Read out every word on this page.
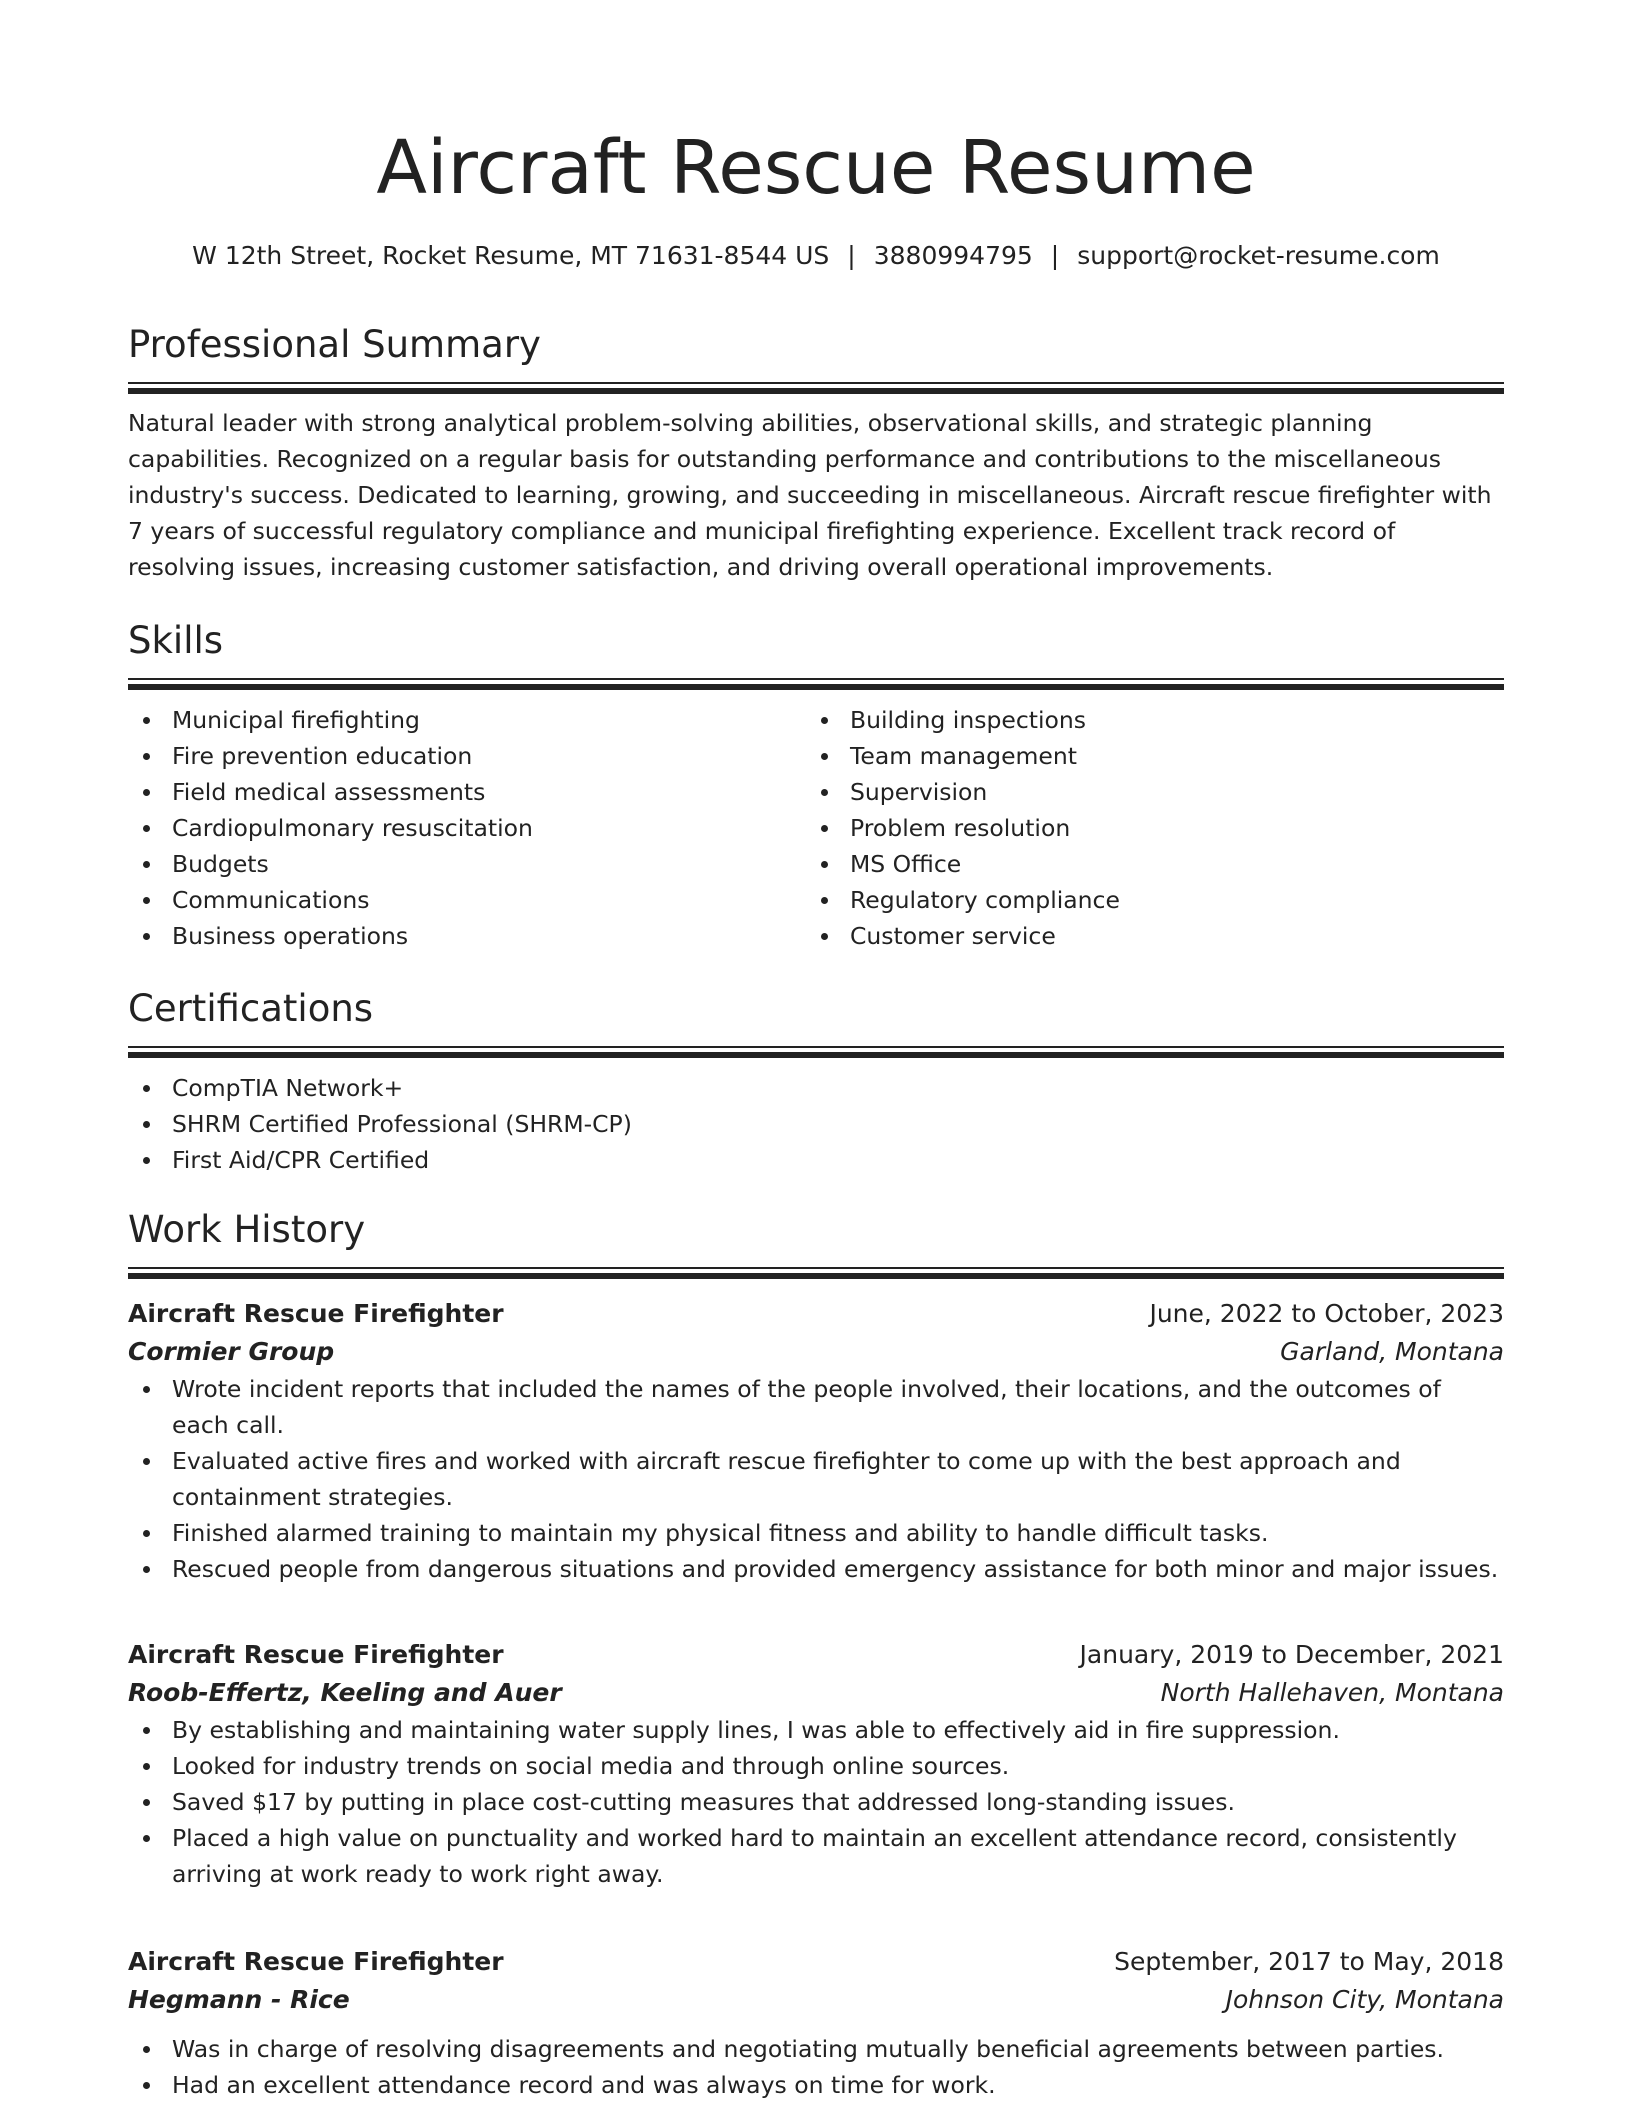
Aircraft Rescue Resume
W 12th Street, Rocket Resume, MT 71631-8544 US | 3880994795 | support@rocket-resume.com
Professional Summary

Natural leader with strong analytical problem-solving abilities, observational skills, and strategic planning capabilities. Recognized on a regular basis for outstanding performance and contributions to the miscellaneous industry's success. Dedicated to learning, growing, and succeeding in miscellaneous. Aircraft rescue firefighter with 7 years of successful regulatory compliance and municipal firefighting experience. Excellent track record of resolving issues, increasing customer satisfaction, and driving overall operational improvements.

Skills
Municipal firefighting
Fire prevention education
Field medical assessments
Cardiopulmonary resuscitation
Budgets
Communications
Business operations
Building inspections
Team management
Supervision
Problem resolution
MS Office
Regulatory compliance
Customer service
Certifications
CompTIA Network+
SHRM Certified Professional (SHRM-CP)
First Aid/CPR Certified
Work History
Aircraft Rescue Firefighter	June, 2022 to October, 2023
Cormier Group	Garland, Montana
Wrote incident reports that included the names of the people involved, their locations, and the outcomes of each call.
Evaluated active fires and worked with aircraft rescue firefighter to come up with the best approach and containment strategies.
Finished alarmed training to maintain my physical fitness and ability to handle difficult tasks.
Rescued people from dangerous situations and provided emergency assistance for both minor and major issues.
Aircraft Rescue Firefighter	January, 2019 to December, 2021
Roob-Effertz, Keeling and Auer	North Hallehaven, Montana
By establishing and maintaining water supply lines, I was able to effectively aid in fire suppression.
Looked for industry trends on social media and through online sources.
Saved $17 by putting in place cost-cutting measures that addressed long-standing issues.
Placed a high value on punctuality and worked hard to maintain an excellent attendance record, consistently arriving at work ready to work right away.
Aircraft Rescue Firefighter	September, 2017 to May, 2018
Hegmann - Rice	Johnson City, Montana
Was in charge of resolving disagreements and negotiating mutually beneficial agreements between parties.
Had an excellent attendance record and was always on time for work.
